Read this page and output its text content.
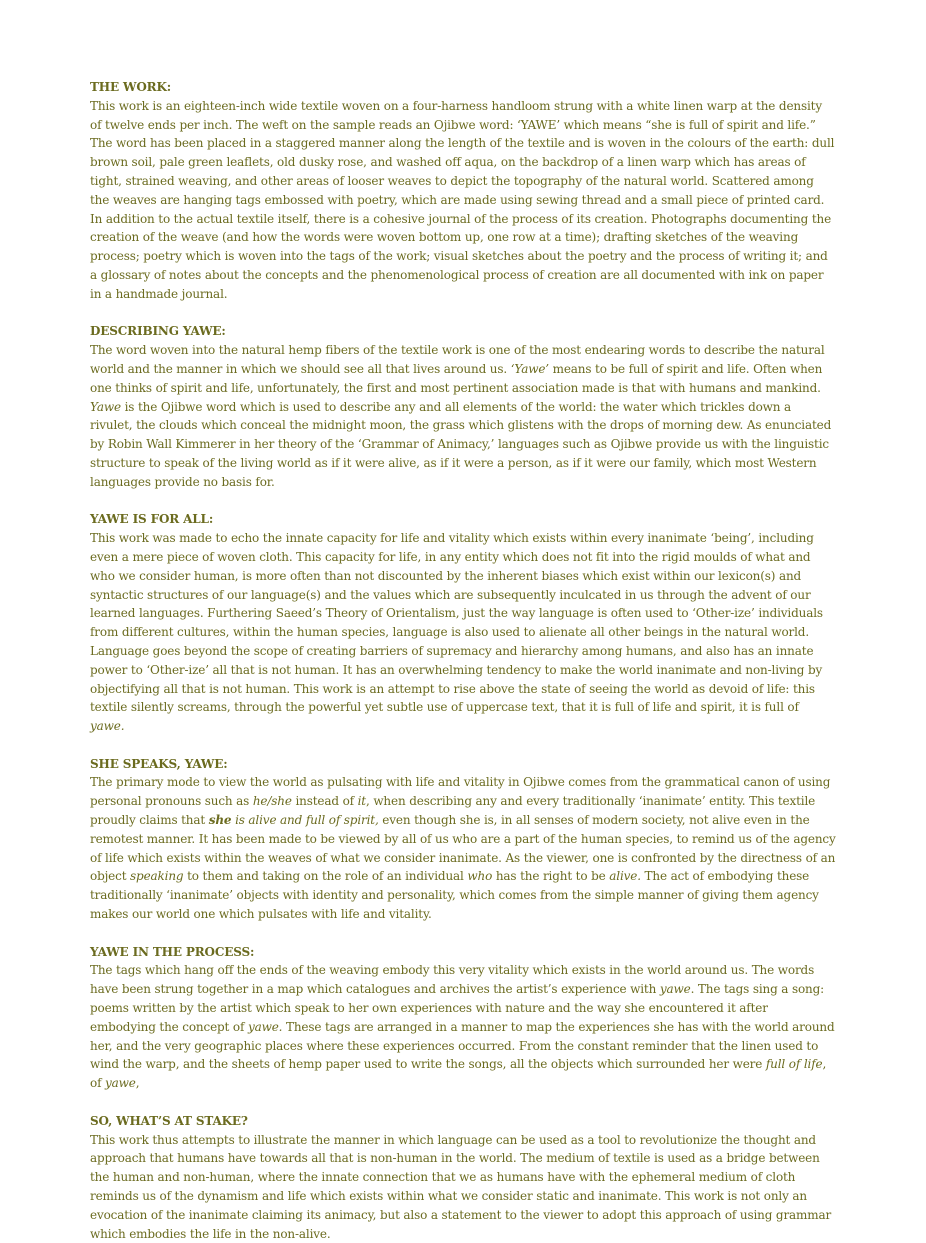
THE WORK:

This work is an eighteen-inch wide textile woven on a four-harness handloom strung with a white linen warp at the density of twelve ends per inch. The weft on the sample reads an Ojibwe word: ‘YAWE’ which means “she is full of spirit and life.” The word has been placed in a staggered manner along the length of the textile and is woven in the colours of the earth: dull brown soil, pale green leaflets, old dusky rose, and washed off aqua, on the backdrop of a linen warp which has areas of tight, strained weaving, and other areas of looser weaves to depict the topography of the natural world. Scattered among the weaves are hanging tags embossed with poetry, which are made using sewing thread and a small piece of printed card. In addition to the actual textile itself, there is a cohesive journal of the process of its creation. Photographs documenting the creation of the weave (and how the words were woven bottom up, one row at a time); drafting sketches of the weaving process; poetry which is woven into the tags of the work; visual sketches about the poetry and the process of writing it; and a glossary of notes about the concepts and the phenomenological process of creation are all documented with ink on paper in a handmade journal.

DESCRIBING YAWE:

The word woven into the natural hemp fibers of the textile work is one of the most endearing words to describe the natural world and the manner in which we should see all that lives around us. ‘Yawe’ means to be full of spirit and life. Often when one thinks of spirit and life, unfortunately, the first and most pertinent association made is that with humans and mankind. Yawe is the Ojibwe word which is used to describe any and all elements of the world: the water which trickles down a rivulet, the clouds which conceal the midnight moon, the grass which glistens with the drops of morning dew. As enunciated by Robin Wall Kimmerer in her theory of the ‘Grammar of Animacy,’ languages such as Ojibwe provide us with the linguistic structure to speak of the living world as if it were alive, as if it were a person, as if it were our family, which most Western languages provide no basis for.

YAWE IS FOR ALL:

This work was made to echo the innate capacity for life and vitality which exists within every inanimate ‘being’, including even a mere piece of woven cloth. This capacity for life, in any entity which does not fit into the rigid moulds of what and who we consider human, is more often than not discounted by the inherent biases which exist within our lexicon(s) and syntactic structures of our language(s) and the values which are subsequently inculcated in us through the advent of our learned languages. Furthering Saeed’s Theory of Orientalism, just the way language is often used to ‘Other-ize’ individuals from different cultures, within the human species, language is also used to alienate all other beings in the natural world. Language goes beyond the scope of creating barriers of supremacy and hierarchy among humans, and also has an innate power to ‘Other-ize’ all that is not human. It has an overwhelming tendency to make the world inanimate and non-living by objectifying all that is not human. This work is an attempt to rise above the state of seeing the world as devoid of life: this textile silently screams, through the powerful yet subtle use of uppercase text, that it is full of life and spirit, it is full of yawe.

SHE SPEAKS, YAWE:

The primary mode to view the world as pulsating with life and vitality in Ojibwe comes from the grammatical canon of using personal pronouns such as he/she instead of it, when describing any and every traditionally ‘inanimate’ entity. This textile proudly claims that she is alive and full of spirit, even though she is, in all senses of modern society, not alive even in the remotest manner. It has been made to be viewed by all of us who are a part of the human species, to remind us of the agency of life which exists within the weaves of what we consider inanimate. As the viewer, one is confronted by the directness of an object speaking to them and taking on the role of an individual who has the right to be alive. The act of embodying these traditionally ‘inanimate’ objects with identity and personality, which comes from the simple manner of giving them agency makes our world one which pulsates with life and vitality.

YAWE IN THE PROCESS:

The tags which hang off the ends of the weaving embody this very vitality which exists in the world around us. The words have been strung together in a map which catalogues and archives the artist’s experience with yawe. The tags sing a song: poems written by the artist which speak to her own experiences with nature and the way she encountered it after embodying the concept of yawe. These tags are arranged in a manner to map the experiences she has with the world around her, and the very geographic places where these experiences occurred. From the constant reminder that the linen used to wind the warp, and the sheets of hemp paper used to write the songs, all the objects which surrounded her were full of life, of yawe,

SO, WHAT’S AT STAKE?

This work thus attempts to illustrate the manner in which language can be used as a tool to revolutionize the thought and approach that humans have towards all that is non-human in the world. The medium of textile is used as a bridge between the human and non-human, where the innate connection that we as humans have with the ephemeral medium of cloth reminds us of the dynamism and life which exists within what we consider static and inanimate. This work is not only an evocation of the inanimate claiming its animacy, but also a statement to the viewer to adopt this approach of using grammar which embodies the life in the non-alive.
